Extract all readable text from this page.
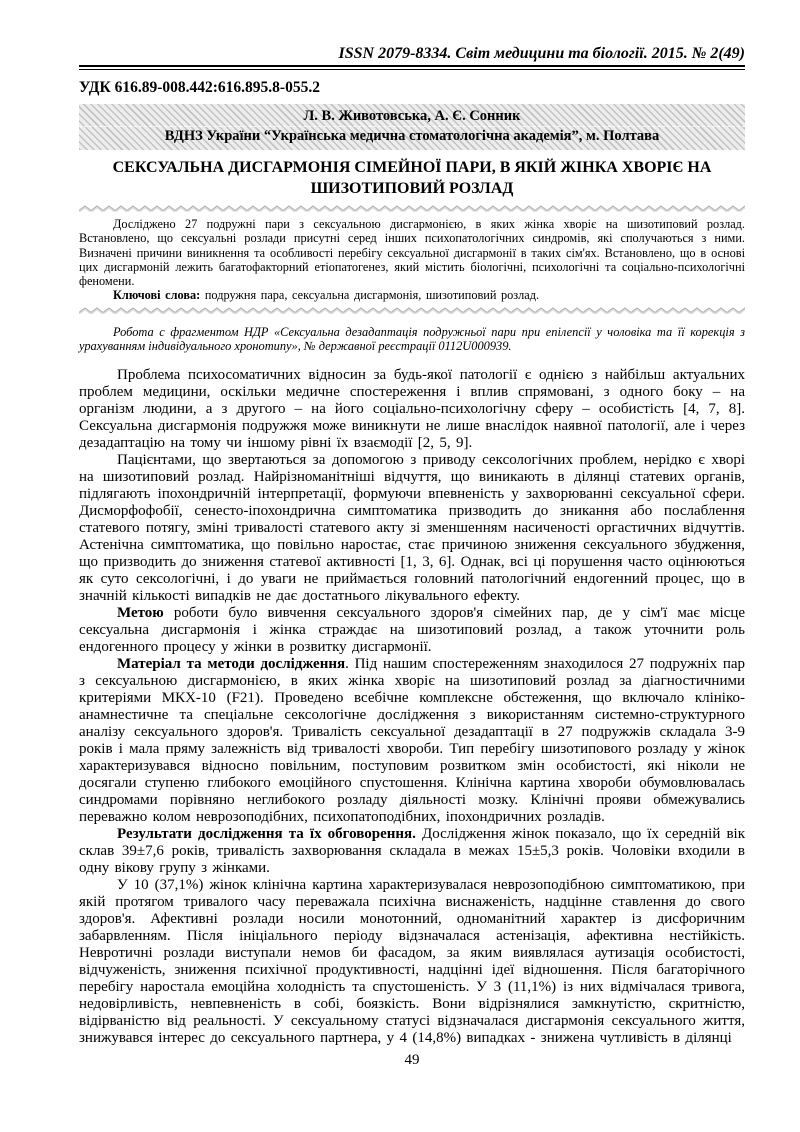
ISSN 2079-8334. Світ медицини та біології. 2015. № 2(49)
УДК 616.89-008.442:616.895.8-055.2
Л. В. Животовська, А. Є. Сонник
ВДНЗ України “Українська медична стоматологічна академія”, м. Полтава
СЕКСУАЛЬНА ДИСГАРМОНІЯ СІМЕЙНОЇ ПАРИ, В ЯКІЙ ЖІНКА ХВОРІЄ НА ШИЗОТИПОВИЙ РОЗЛАД

Досліджено 27 подружні пари з сексуальною дисгармонією, в яких жінка хворіє на шизотиповий розлад. Встановлено, що сексуальні розлади присутні серед інших психопатологічних синдромів, які сполучаються з ними. Визначені причини виникнення та особливості перебігу сексуальної дисгармонії в таких сім'ях. Встановлено, що в основі цих дисгармоній лежить багатофакторний етіопатогенез, який містить біологічні, психологічні та соціально-психологічні феномени.

Ключові слова: подружня пара, сексуальна дисгармонія, шизотиповий розлад.

Робота с фрагментом НДР «Сексуальна дезадаптація подружньої пари при епілепсії у чоловіка та її корекція з урахуванням індивідуального хронотипу», № державної реєстрації 0112U000939.

Проблема психосоматичних відносин за будь-якої патології є однією з найбільш актуальних проблем медицини, оскільки медичне спостереження і вплив спрямовані, з одного боку – на організм людини, а з другого – на його соціально-психологічну сферу – особистість [4, 7, 8]. Сексуальна дисгармонія подружжя може виникнути не лише внаслідок наявної патології, але і через дезадаптацію на тому чи іншому рівні їх взаємодії [2, 5, 9].

Пацієнтами, що звертаються за допомогою з приводу сексологічних проблем, нерідко є хворі на шизотиповий розлад. Найрізноманітніші відчуття, що виникають в ділянці статевих органів, підлягають іпохондричній інтерпретації, формуючи впевненість у захворюванні сексуальної сфери. Дисморфофобії, сенесто-іпохондрична симптоматика призводить до зникання або послаблення статевого потягу, зміні тривалості статевого акту зі зменшенням насиченості оргастичних відчуттів. Астенічна симптоматика, що повільно наростає, стає причиною зниження сексуального збудження, що призводить до зниження статевої активності [1, 3, 6]. Однак, всі ці порушення часто оцінюються як суто сексологічні, і до уваги не приймається головний патологічний ендогенний процес, що в значній кількості випадків не дає достатнього лікувального ефекту.

Метою роботи було вивчення сексуального здоров'я сімейних пар, де у сім'ї має місце сексуальна дисгармонія і жінка страждає на шизотиповий розлад, а також уточнити роль ендогенного процесу у жінки в розвитку дисгармонії.

Матеріал та методи дослідження. Під нашим спостереженням знаходилося 27 подружніх пар з сексуальною дисгармонією, в яких жінка хворіє на шизотиповий розлад за діагностичними критеріями МКХ-10 (F21). Проведено всебічне комплексне обстеження, що включало клініко-анамнестичне та спеціальне сексологічне дослідження з використанням системно-структурного аналізу сексуального здоров'я. Тривалість сексуальної дезадаптації в 27 подружжів складала 3-9 років і мала пряму залежність від тривалості хвороби. Тип перебігу шизотипового розладу у жінок характеризувався відносно повільним, поступовим розвитком змін особистості, які ніколи не досягали ступеню глибокого емоційного спустошення. Клінічна картина хвороби обумовлювалась синдромами порівняно неглибокого розладу діяльності мозку. Клінічні прояви обмежувались переважно колом неврозоподібних, психопатоподібних, іпохондричних розладів.

Результати дослідження та їх обговорення. Дослідження жінок показало, що їх середній вік склав 39±7,6 років, тривалість захворювання складала в межах 15±5,3 років. Чоловіки входили в одну вікову групу з жінками.

У 10 (37,1%) жінок клінічна картина характеризувалася неврозоподібною симптоматикою, при якій протягом тривалого часу переважала психічна виснаженість, надцінне ставлення до свого здоров'я. Афективні розлади носили монотонний, одноманітний характер із дисфоричним забарвленням. Після ініціального періоду відзначалася астенізація, афективна нестійкість. Невротичні розлади виступали немов би фасадом, за яким виявлялася аутизація особистості, відчуженість, зниження психічної продуктивності, надцінні ідеї відношення. Після багаторічного перебігу наростала емоційна холодність та спустошеність. У 3 (11,1%) із них відмічалася тривога, недовірливість, невпевненість в собі, боязкість. Вони відрізнялися замкнутістю, скритністю, відірваністю від реальності. У сексуальному статусі відзначалася дисгармонія сексуального життя, знижувався інтерес до сексуального партнера, у 4 (14,8%) випадках - знижена чутливість в ділянці

49
